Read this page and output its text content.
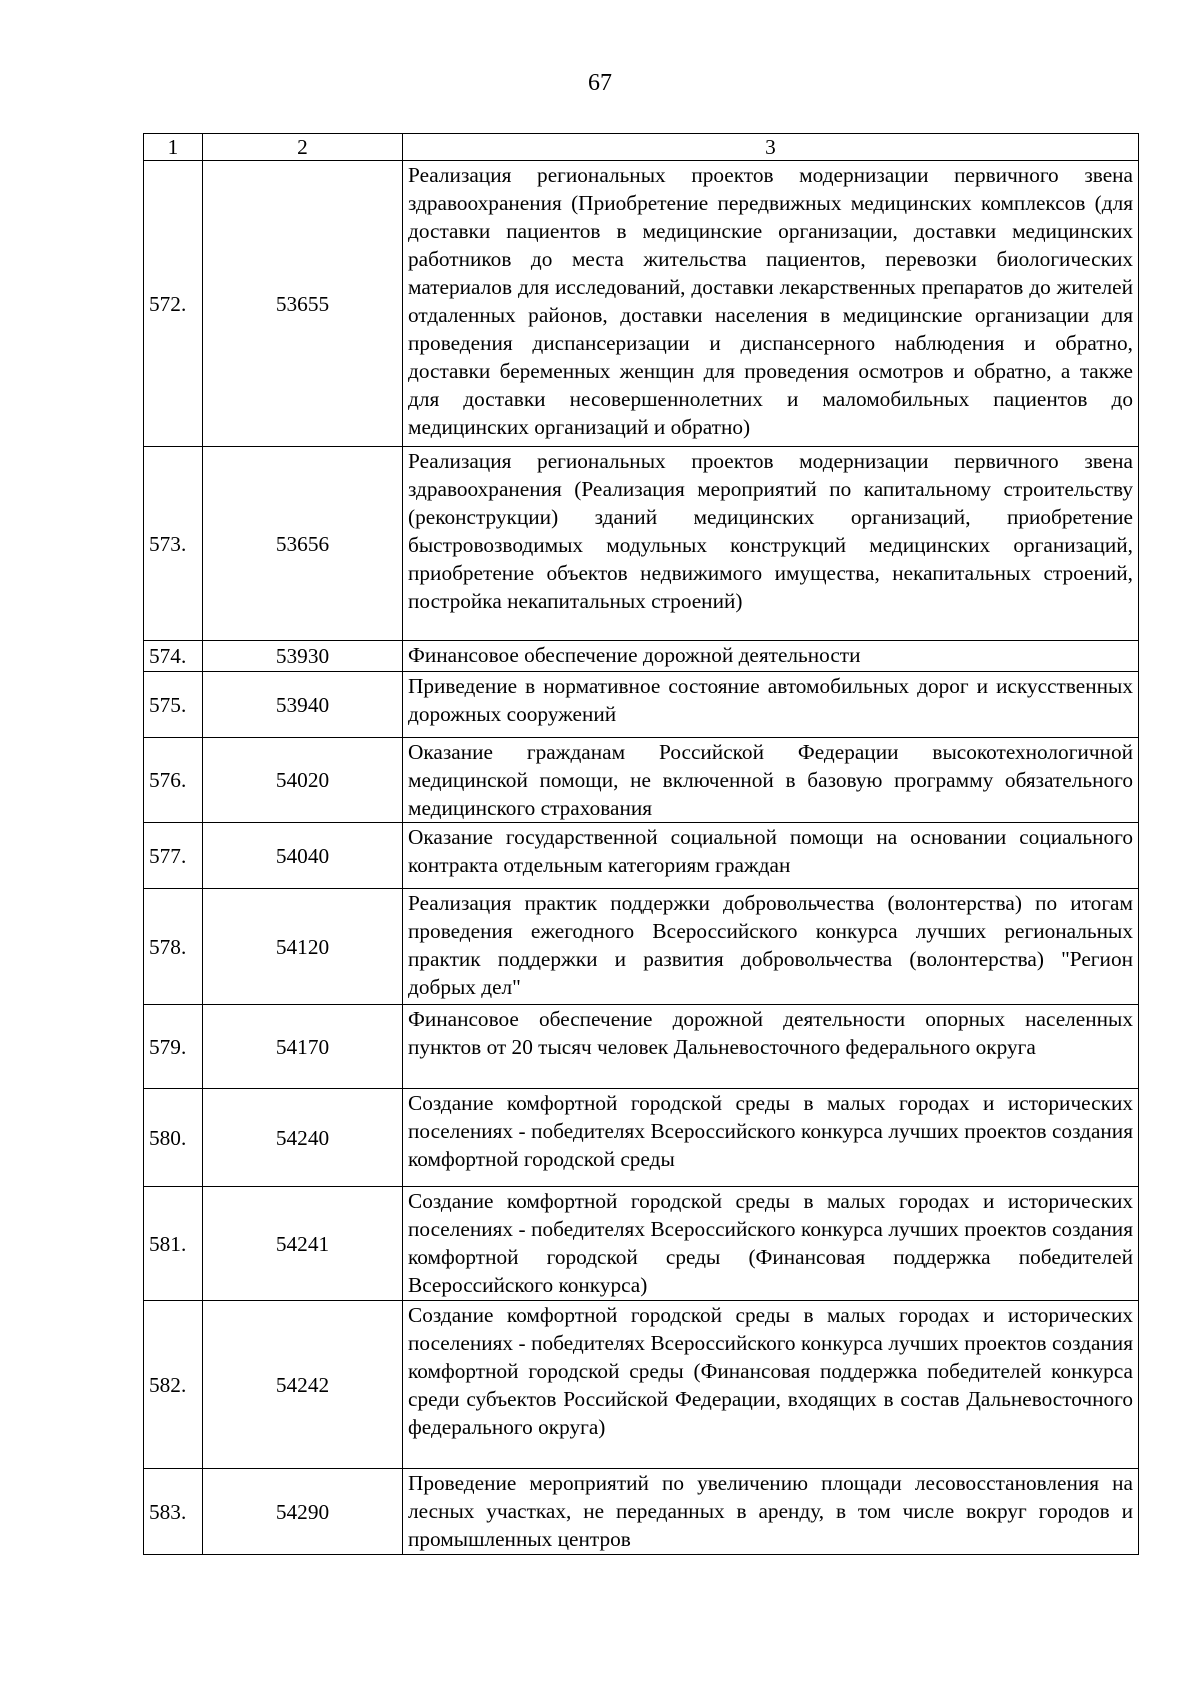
67
1	2	3
572.	53655	Реализация региональных проектов модернизации первичного звена здравоохранения (Приобретение передвижных медицинских комплексов (для доставки пациентов в медицинские организации, доставки медицинских работников до места жительства пациентов, перевозки биологических материалов для исследований, доставки лекарственных препаратов до жителей отдаленных районов, доставки населения в медицинские организации для проведения диспансеризации и диспансерного наблюдения и обратно, доставки беременных женщин для проведения осмотров и обратно, а также для доставки несовершеннолетних и маломобильных пациентов до медицинских организаций и обратно)
573.	53656	Реализация региональных проектов модернизации первичного звена здравоохранения (Реализация мероприятий по капитальному строительству (реконструкции) зданий медицинских организаций, приобретение быстровозводимых модульных конструкций медицинских организаций, приобретение объектов недвижимого имущества, некапитальных строений, постройка некапитальных строений)
574.	53930	Финансовое обеспечение дорожной деятельности
575.	53940	Приведение в нормативное состояние автомобильных дорог и искусственных дорожных сооружений
576.	54020	Оказание гражданам Российской Федерации высокотехнологичной медицинской помощи, не включенной в базовую программу обязательного медицинского страхования
577.	54040	Оказание государственной социальной помощи на основании социального контракта отдельным категориям граждан
578.	54120	Реализация практик поддержки добровольчества (волонтерства) по итогам проведения ежегодного Всероссийского конкурса лучших региональных практик поддержки и развития добровольчества (волонтерства) "Регион добрых дел"
579.	54170	Финансовое обеспечение дорожной деятельности опорных населенных пунктов от 20 тысяч человек Дальневосточного федерального округа
580.	54240	Создание комфортной городской среды в малых городах и исторических поселениях - победителях Всероссийского конкурса лучших проектов создания комфортной городской среды
581.	54241	Создание комфортной городской среды в малых городах и исторических поселениях - победителях Всероссийского конкурса лучших проектов создания комфортной городской среды (Финансовая поддержка победителей Всероссийского конкурса)
582.	54242	Создание комфортной городской среды в малых городах и исторических поселениях - победителях Всероссийского конкурса лучших проектов создания комфортной городской среды (Финансовая поддержка победителей конкурса среди субъектов Российской Федерации, входящих в состав Дальневосточного федерального округа)
583.	54290	Проведение мероприятий по увеличению площади лесовосстановления на лесных участках, не переданных в аренду, в том числе вокруг городов и промышленных центров
